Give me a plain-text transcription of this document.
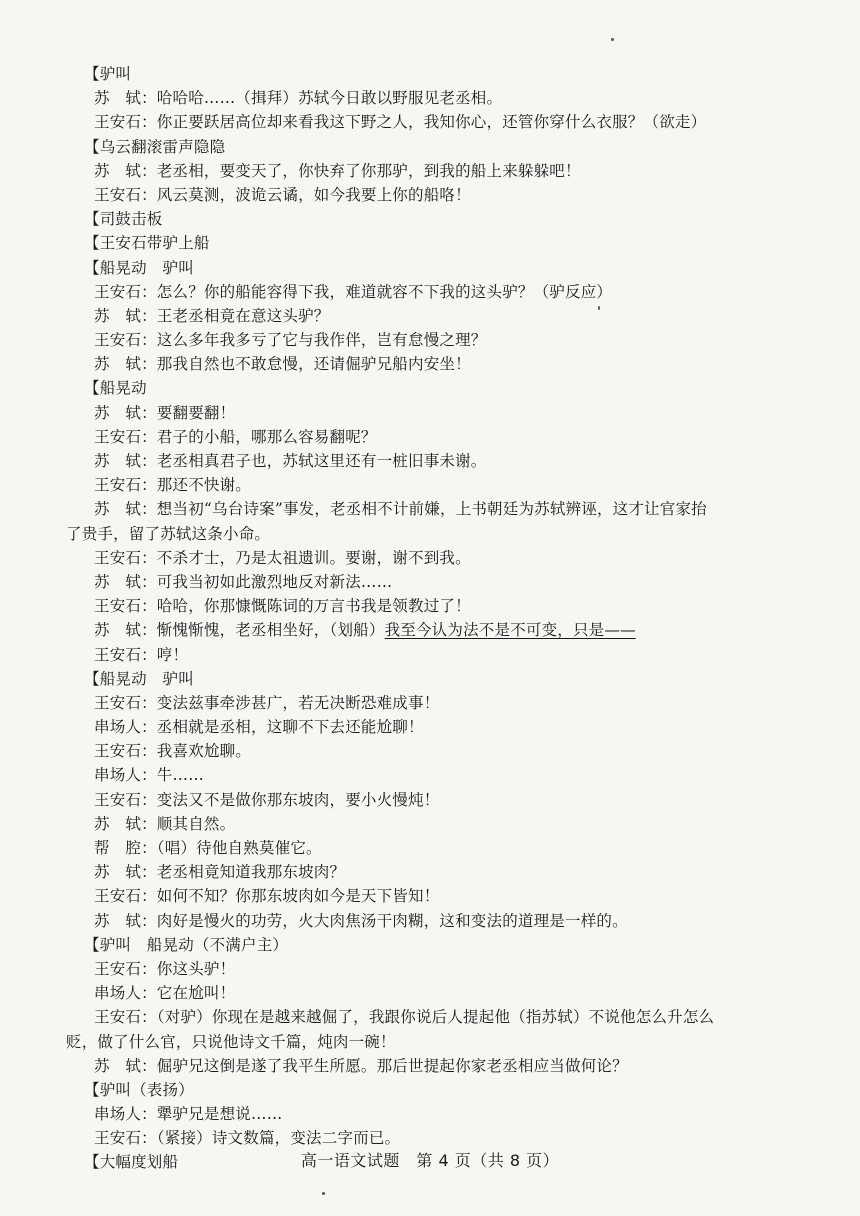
【驴叫
苏　轼：哈哈哈……（揖拜）苏轼今日敢以野服见老丞相。
王安石：你正要跃居高位却来看我这下野之人，我知你心，还管你穿什么衣服？（欲走）
【乌云翻滚雷声隐隐
苏　轼：老丞相，要变天了，你快弃了你那驴，到我的船上来躲躲吧！
王安石：风云莫测，波诡云谲，如今我要上你的船咯！
【司鼓击板
【王安石带驴上船
【船晃动　驴叫
王安石：怎么？你的船能容得下我，难道就容不下我的这头驴？（驴反应）
苏　轼：王老丞相竟在意这头驴？
王安石：这么多年我多亏了它与我作伴，岂有怠慢之理？
苏　轼：那我自然也不敢怠慢，还请倔驴兄船内安坐！
【船晃动
苏　轼：要翻要翻！
王安石：君子的小船，哪那么容易翻呢？
苏　轼：老丞相真君子也，苏轼这里还有一桩旧事未谢。
王安石：那还不快谢。
苏　轼：想当初“乌台诗案”事发，老丞相不计前嫌，上书朝廷为苏轼辨诬，这才让官家抬
了贵手，留了苏轼这条小命。
王安石：不杀才士，乃是太祖遗训。要谢，谢不到我。
苏　轼：可我当初如此激烈地反对新法……
王安石：哈哈，你那慷慨陈词的万言书我是领教过了！
苏　轼：惭愧惭愧，老丞相坐好，（划船）我至今认为法不是不可变，只是——
王安石：哼！
【船晃动　驴叫
王安石：变法兹事牵涉甚广，若无决断恐难成事！
串场人：丞相就是丞相，这聊不下去还能尬聊！
王安石：我喜欢尬聊。
串场人：牛……
王安石：变法又不是做你那东坡肉，要小火慢炖！
苏　轼：顺其自然。
帮　腔：（唱）待他自熟莫催它。
苏　轼：老丞相竟知道我那东坡肉？
王安石：如何不知？你那东坡肉如今是天下皆知！
苏　轼：肉好是慢火的功劳，火大肉焦汤干肉糊，这和变法的道理是一样的。
【驴叫　船晃动（不满户主）
王安石：你这头驴！
串场人：它在尬叫！
王安石：（对驴）你现在是越来越倔了，我跟你说后人提起他（指苏轼）不说他怎么升怎么
贬，做了什么官，只说他诗文千篇，炖肉一碗！
苏　轼：倔驴兄这倒是遂了我平生所愿。那后世提起你家老丞相应当做何论？
【驴叫（表扬）
串场人：犟驴兄是想说……
王安石：（紧接）诗文数篇，变法二字而已。
【大幅度划船	高一语文试题　第 4 页（共 8 页）
